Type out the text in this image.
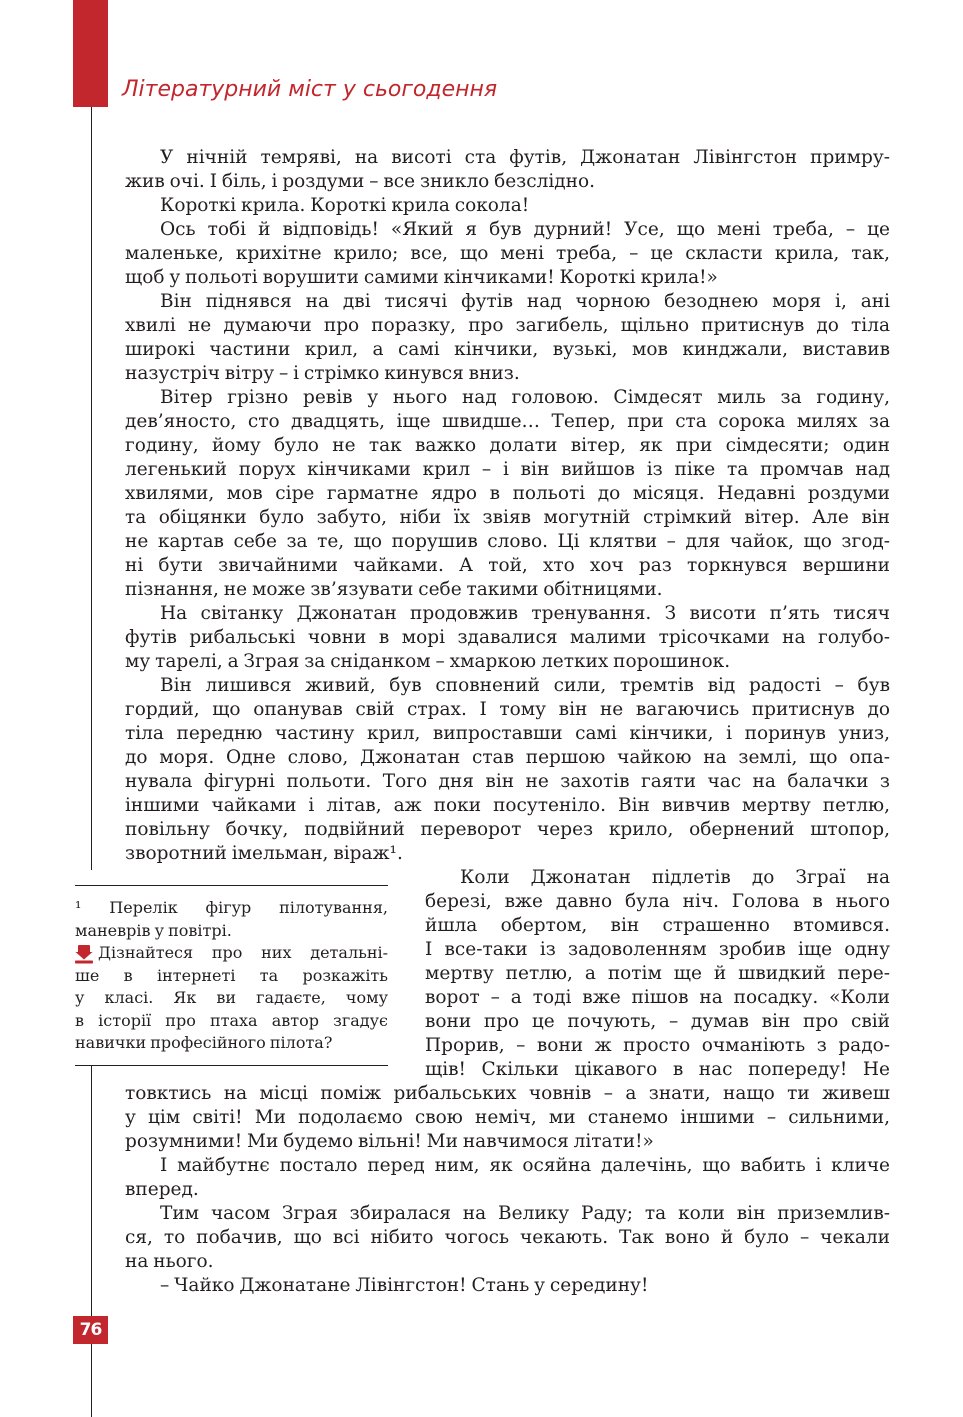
Літературний міст у сьогодення
У нічній темряві, на висоті ста футів, Джонатан Лівінгстон примру-
жив очі. І біль, і роздуми – все зникло безслідно.
Короткі крила. Короткі крила сокола!
Ось тобі й відповідь! «Який я був дурний! Усе, що мені треба, – це
маленьке, крихітне крило; все, що мені треба, – це скласти крила, так,
щоб у польоті ворушити самими кінчиками! Короткі крила!»
Він піднявся на дві тисячі футів над чорною безоднею моря і, ані
хвилі не думаючи про поразку, про загибель, щільно притиснув до тіла
широкі частини крил, а самі кінчики, вузькі, мов кинджали, виставив
назустріч вітру – і стрімко кинувся вниз.
Вітер грізно ревів у нього над головою. Сімдесят миль за годину,
дев’яносто, сто двадцять, іще швидше… Тепер, при ста сорока милях за
годину, йому було не так важко долати вітер, як при сімдесяти; один
легенький порух кінчиками крил – і він вийшов із піке та промчав над
хвилями, мов сіре гарматне ядро в польоті до місяця. Недавні роздуми
та обіцянки було забуто, ніби їх звіяв могутній стрімкий вітер. Але він
не картав себе за те, що порушив слово. Ці клятви – для чайок, що згод-
ні бути звичайними чайками. А той, хто хоч раз торкнувся вершини
пізнання, не може зв’язувати себе такими обітницями.
На світанку Джонатан продовжив тренування. З висоти п’ять тисяч
футів рибальські човни в морі здавалися малими трісочками на голубо-
му тарелі, а Зграя за сніданком – хмаркою летких порошинок.
Він лишився живий, був сповнений сили, тремтів від радості – був
гордий, що опанував свій страх. І тому він не вагаючись притиснув до
тіла передню частину крил, випроставши самі кінчики, і поринув униз,
до моря. Одне слово, Джонатан став першою чайкою на землі, що опа-
нувала фігурні польоти. Того дня він не захотів гаяти час на балачки з
іншими чайками і літав, аж поки посутеніло. Він вивчив мертву петлю,
повільну бочку, подвійний переворот через крило, обернений штопор,
зворотний імельман, віраж¹.
Коли Джонатан підлетів до Зграї на
березі, вже давно була ніч. Голова в нього
йшла обертом, він страшенно втомився.
І все-таки із задоволенням зробив іще одну
мертву петлю, а потім ще й швидкий пере-
ворот – а тоді вже пішов на посадку. «Коли
вони про це почують, – думав він про свій
Прорив, – вони ж просто очманіють з радо-
щів! Скільки цікавого в нас попереду! Не
товктись на місці поміж рибальських човнів – а знати, нащо ти живеш
у цім світі! Ми подолаємо свою неміч, ми станемо іншими – сильними,
розумними! Ми будемо вільні! Ми навчимося літати!»
І майбутнє постало перед ним, як осяйна далечінь, що вабить і кличе
вперед.
Тим часом Зграя збиралася на Велику Раду; та коли він приземлив-
ся, то побачив, що всі нібито чогось чекають. Так воно й було – чекали
на нього.
– Чайко Джонатане Лівінгстон! Стань у середину!
¹ Перелік фігур пілотування,
маневрів у повітрі.
Дізнайтеся про них детальні-
ше в інтернеті та розкажіть
у класі. Як ви гадаєте, чому
в історії про птаха автор згадує
навички професійного пілота?
76
